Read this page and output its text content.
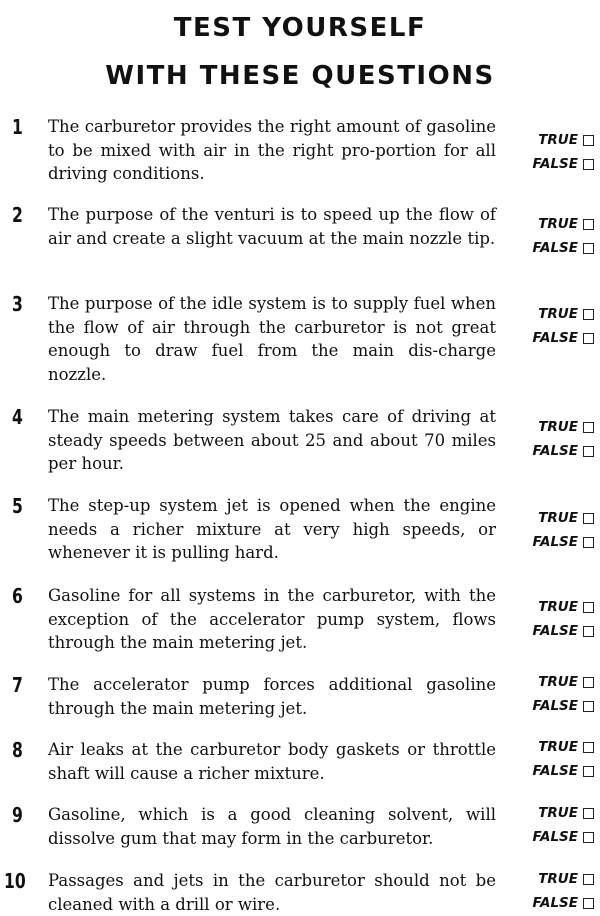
TEST YOURSELF
WITH THESE QUESTIONS
1 The carburetor provides the right amount of gasoline to be mixed with air in the right pro-portion for all driving conditions.
TRUE
FALSE
2 The purpose of the venturi is to speed up the flow of air and create a slight vacuum at the main nozzle tip.
TRUE
FALSE
3 The purpose of the idle system is to supply fuel when the flow of air through the carburetor is not great enough to draw fuel from the main dis-charge nozzle.
TRUE
FALSE
4 The main metering system takes care of driving at steady speeds between about 25 and about 70 miles per hour.
TRUE
FALSE
5 The step-up system jet is opened when the engine needs a richer mixture at very high speeds, or whenever it is pulling hard.
TRUE
FALSE
6 Gasoline for all systems in the carburetor, with the exception of the accelerator pump system, flows through the main metering jet.
TRUE
FALSE
7 The accelerator pump forces additional gasoline through the main metering jet.
TRUE
FALSE
8 Air leaks at the carburetor body gaskets or throttle shaft will cause a richer mixture.
TRUE
FALSE
9 Gasoline, which is a good cleaning solvent, will dissolve gum that may form in the carburetor.
TRUE
FALSE
10 Passages and jets in the carburetor should not be cleaned with a drill or wire.
TRUE
FALSE
